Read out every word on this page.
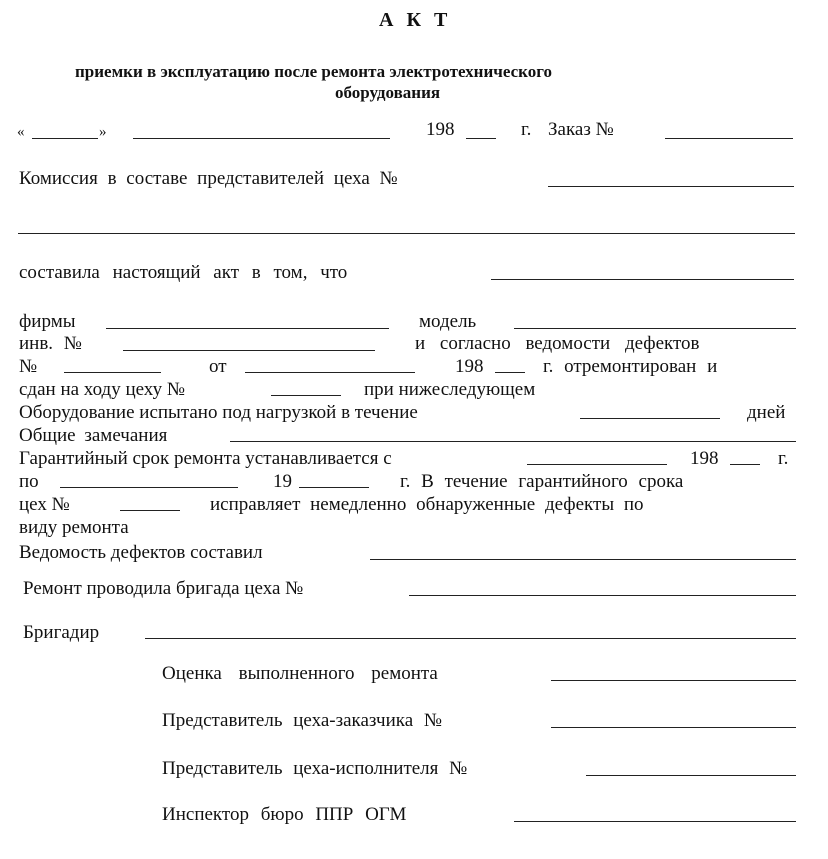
А К Т
приемки в эксплуатацию после ремонта электротехнического
оборудования
«	»	198	г. Заказ №
Комиссия в составе представителей цеха №
составила настоящий акт в том, что
фирмы	модель
инв. №	и согласно ведомости дефектов
№	от	198	г. отремонтирован и
сдан на ходу цеху №	при нижеследующем
Оборудование испытано под нагрузкой в течение	дней
Общие замечания
Гарантийный срок ремонта устанавливается с	198	г.
по	19	г. В течение гарантийного срока
цех №	исправляет немедленно обнаруженные дефекты по
виду ремонта
Ведомость дефектов составил
Ремонт проводила бригада цеха №
Бригадир
Оценка выполненного ремонта
Представитель цеха-заказчика №
Представитель цеха-исполнителя №
Инспектор бюро ППР ОГМ
